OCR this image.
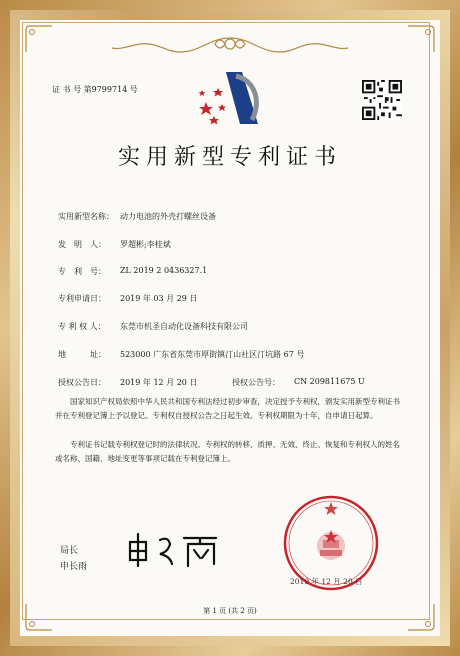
证 书 号 第9799714 号
实用新型专利证书
实用新型名称： 动力电池的外壳打螺丝设备
发　明　人： 罗超彬;李桂斌
专　利　号： ZL 2019 2 0436327.1
专利申请日： 2019 年 03 月 29 日
专 利 权 人： 东莞市机圣自动化设备科技有限公司
地　　　址： 523000 广东省东莞市厚街镇汀山社区汀坑路 67 号
授权公告日： 2019 年 12 月 20 日	授权公告号： CN 209811675 U
国家知识产权局依照中华人民共和国专利法经过初步审查，决定授予专利权，颁发实用新型专利证书并在专利登记簿上予以登记。专利权自授权公告之日起生效。专利权期限为十年，自申请日起算。
专利证书记载专利权登记时的法律状况。专利权的转移、质押、无效、终止、恢复和专利权人的姓名或名称、国籍、地址变更等事项记载在专利登记簿上。
局长
申长雨
2019 年 12 月 20 日
第 1 页 (共 2 页)
